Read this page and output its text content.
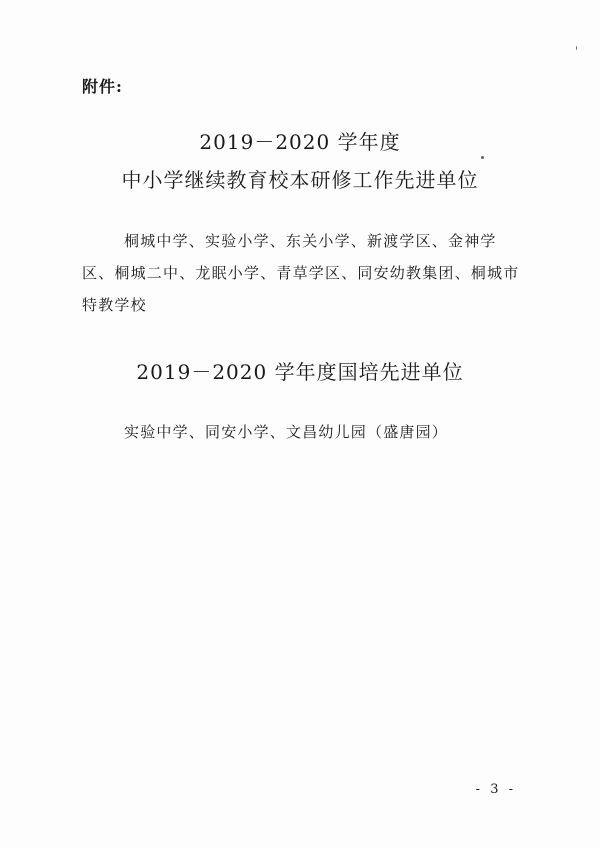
附件:
2019－2020 学年度
中小学继续教育校本研修工作先进单位
桐城中学、实验小学、东关小学、新渡学区、金神学区、桐城二中、龙眠小学、青草学区、同安幼教集团、桐城市特教学校
2019－2020 学年度国培先进单位
实验中学、同安小学、文昌幼儿园（盛唐园）
- 3 -
